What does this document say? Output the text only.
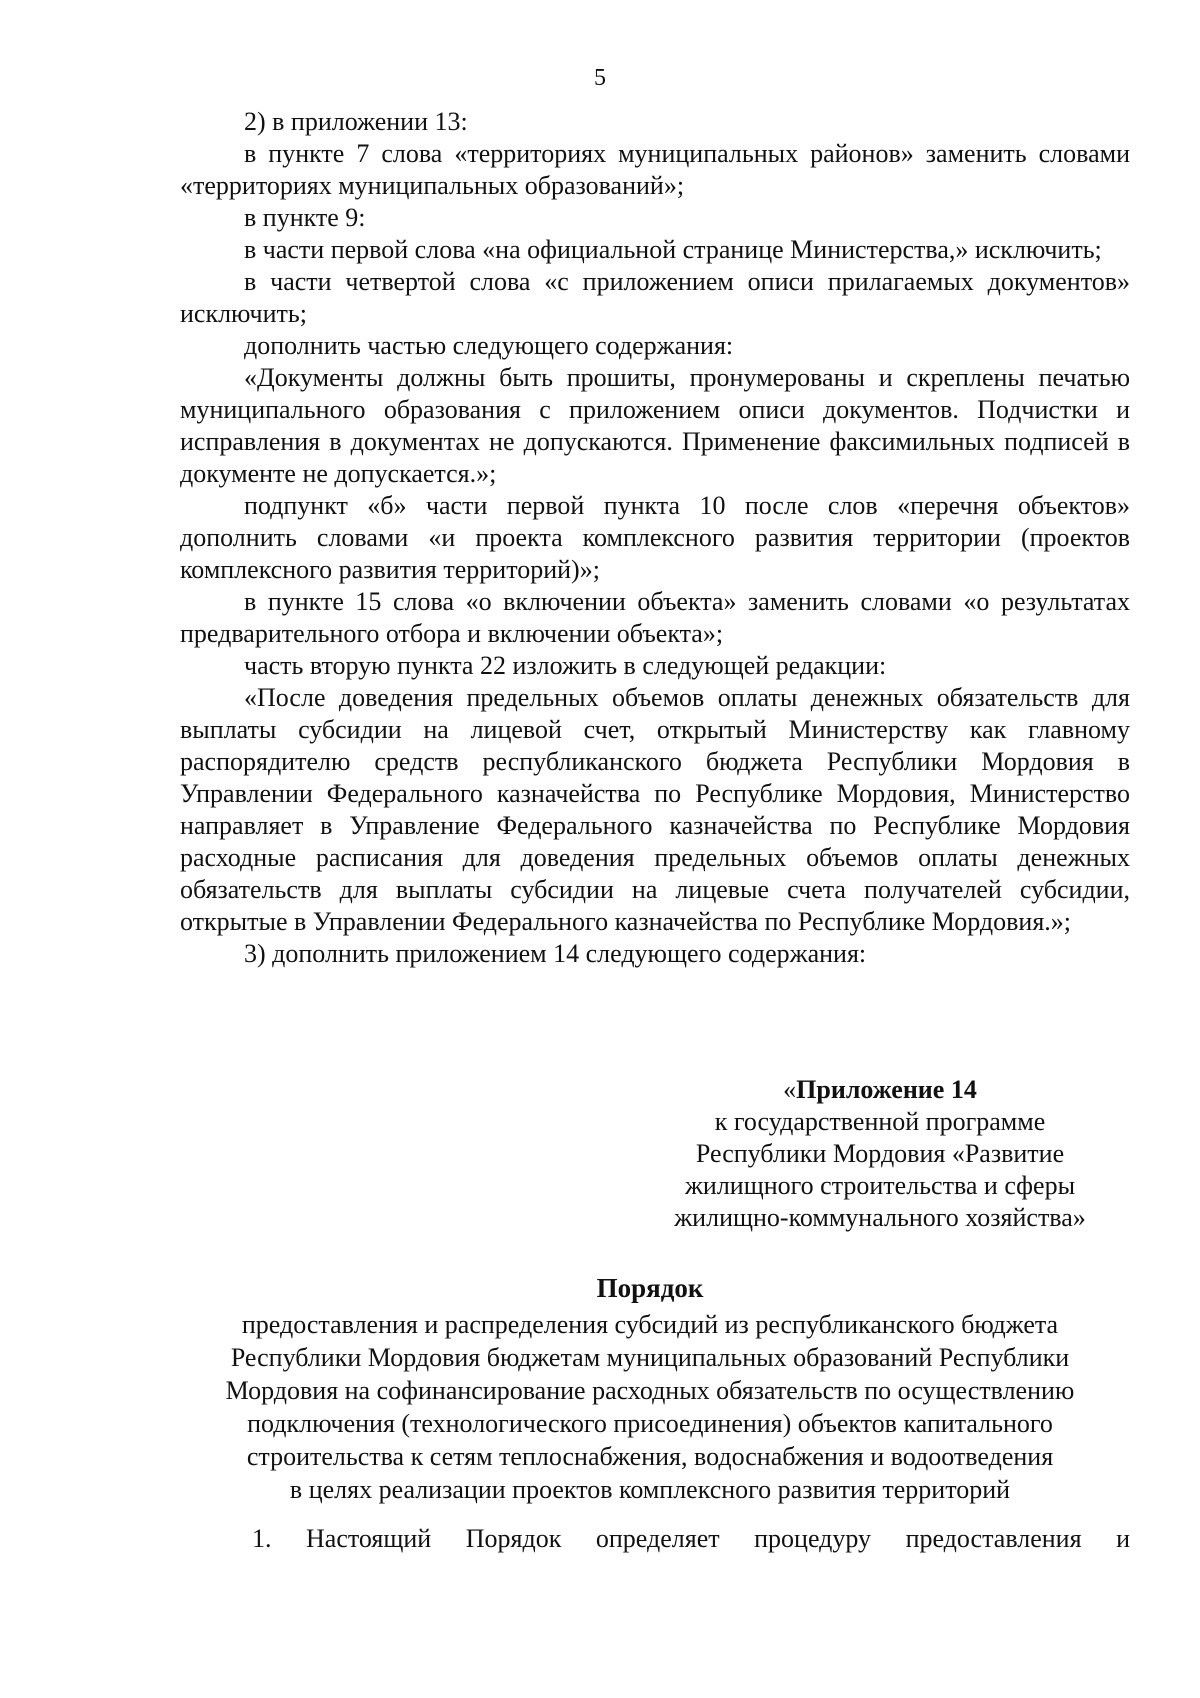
5

2) в приложении 13:

в пункте 7 слова «территориях муниципальных районов» заменить словами «территориях муниципальных образований»;

в пункте 9:

в части первой слова «на официальной странице Министерства,» исключить;

в части четвертой слова «с приложением описи прилагаемых документов» исключить;

дополнить частью следующего содержания:

«Документы должны быть прошиты, пронумерованы и скреплены печатью муниципального образования с приложением описи документов. Подчистки и исправления в документах не допускаются. Применение факсимильных подписей в документе не допускается.»;

подпункт «б» части первой пункта 10 после слов «перечня объектов» дополнить словами «и проекта комплексного развития территории (проектов комплексного развития территорий)»;

в пункте 15 слова «о включении объекта» заменить словами «о результатах предварительного отбора и включении объекта»;

часть вторую пункта 22 изложить в следующей редакции:

«После доведения предельных объемов оплаты денежных обязательств для выплаты субсидии на лицевой счет, открытый Министерству как главному распорядителю средств республиканского бюджета Республики Мордовия в Управлении Федерального казначейства по Республике Мордовия, Министерство направляет в Управление Федерального казначейства по Республике Мордовия расходные расписания для доведения предельных объемов оплаты денежных обязательств для выплаты субсидии на лицевые счета получателей субсидии, открытые в Управлении Федерального казначейства по Республике Мордовия.»;

3) дополнить приложением 14 следующего содержания:

«Приложение 14
к государственной программе
Республики Мордовия «Развитие
жилищного строительства и сферы
жилищно-коммунального хозяйства»
Порядок
предоставления и распределения субсидий из республиканского бюджета
Республики Мордовия бюджетам муниципальных образований Республики
Мордовия на софинансирование расходных обязательств по осуществлению
подключения (технологического присоединения) объектов капитального
строительства к сетям теплоснабжения, водоснабжения и водоотведения
в целях реализации проектов комплексного развития территорий

1. Настоящий Порядок определяет процедуру предоставления и
